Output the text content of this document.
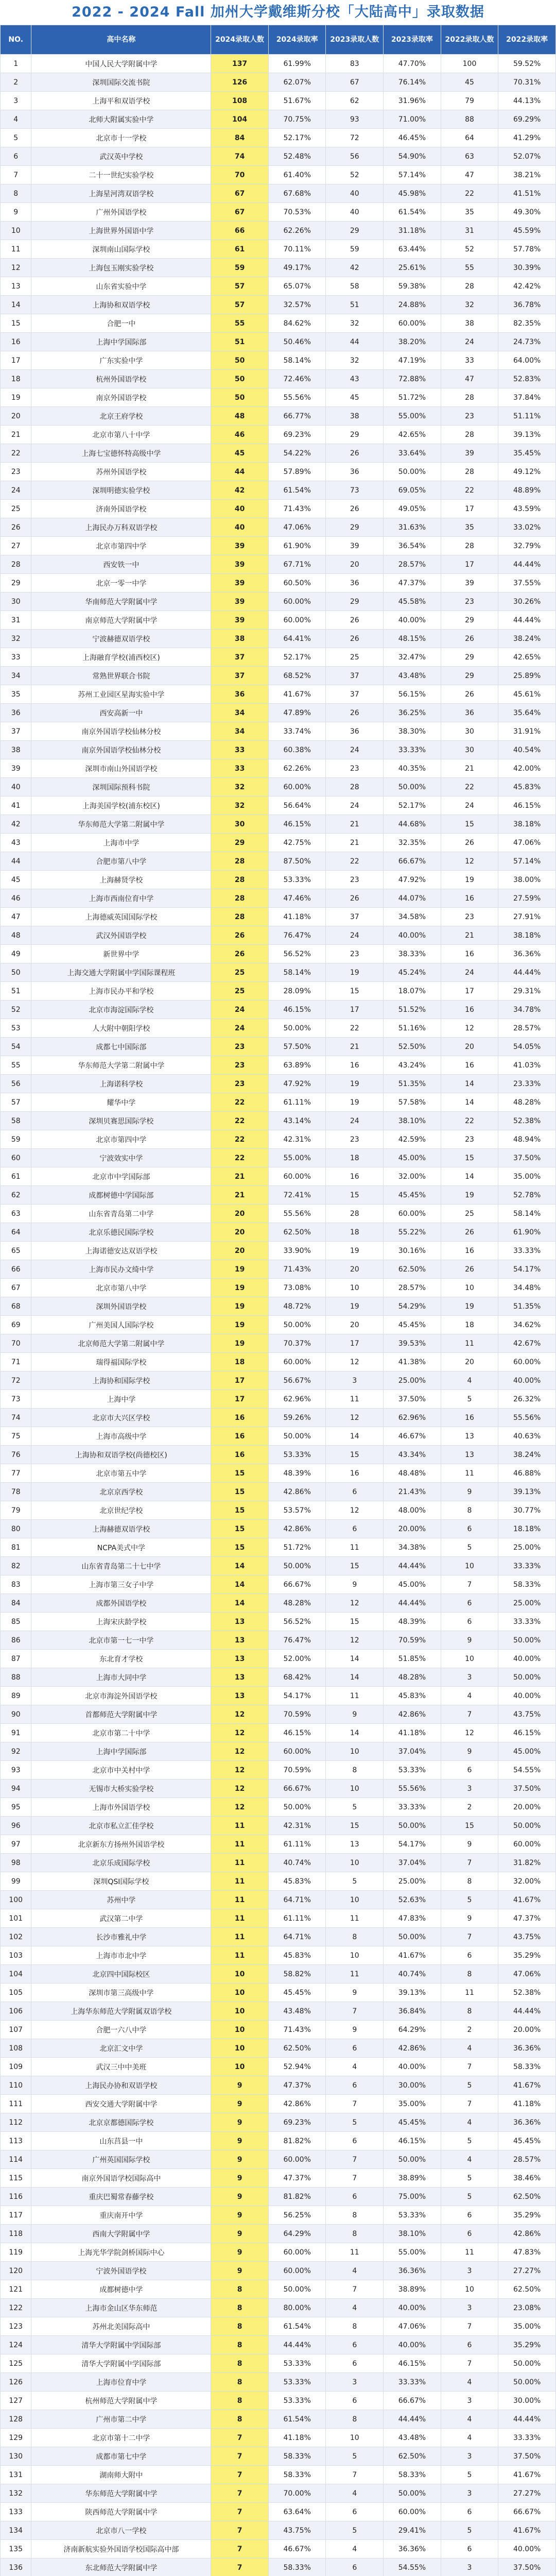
2022 - 2024 Fall 加州大学戴维斯分校「大陆高中」录取数据
NO.	高中名称	2024录取人数	2024录取率	2023录取人数	2023录取率	2022录取人数	2022录取率
1	中国人民大学附属中学	137	61.99%	83	47.70%	100	59.52%
2	深圳国际交流书院	126	62.07%	67	76.14%	45	70.31%
3	上海平和双语学校	108	51.67%	62	31.96%	79	44.13%
4	北师大附属实验中学	104	70.75%	93	71.00%	88	69.29%
5	北京市十一学校	84	52.17%	72	46.45%	64	41.29%
6	武汉英中学校	74	52.48%	56	54.90%	63	52.07%
7	二十一世纪实验学校	70	61.40%	52	57.14%	47	38.21%
8	上海星河湾双语学校	67	67.68%	40	45.98%	22	41.51%
9	广州外国语学校	67	70.53%	40	61.54%	35	49.30%
10	上海世界外国语中学	66	62.26%	29	31.18%	31	45.59%
11	深圳南山国际学校	61	70.11%	59	63.44%	52	57.78%
12	上海包玉刚实验学校	59	49.17%	42	25.61%	55	30.39%
13	山东省实验中学	57	65.07%	58	59.38%	28	42.42%
14	上海协和双语学校	57	32.57%	51	24.88%	32	36.78%
15	合肥一中	55	84.62%	32	60.00%	38	82.35%
16	上海中学国际部	51	50.46%	44	38.20%	24	24.73%
17	广东实验中学	50	58.14%	32	47.19%	33	64.00%
18	杭州外国语学校	50	72.46%	43	72.88%	47	52.83%
19	南京外国语学校	50	55.56%	45	51.72%	28	37.84%
20	北京王府学校	48	66.77%	38	55.00%	23	51.11%
21	北京市第八十中学	46	69.23%	29	42.65%	28	39.13%
22	上海七宝德怀特高级中学	45	54.22%	26	33.64%	39	35.45%
23	苏州外国语学校	44	57.89%	36	50.00%	28	49.12%
24	深圳明德实验学校	42	61.54%	73	69.05%	22	48.89%
25	济南外国语学校	40	71.43%	26	49.05%	17	43.59%
26	上海民办万科双语学校	40	47.06%	29	31.63%	35	33.02%
27	北京市第四中学	39	61.90%	39	36.54%	28	32.79%
28	西安铁一中	39	67.71%	20	28.57%	17	44.44%
29	北京一零一中学	39	60.50%	36	47.37%	39	37.55%
30	华南师范大学附属中学	39	60.00%	29	45.58%	23	30.26%
31	南京师范大学附属中学	39	60.00%	26	40.00%	29	44.44%
32	宁波赫德双语学校	38	64.41%	26	48.15%	26	38.24%
33	上海融育学校(浦西校区)	37	52.17%	25	32.47%	29	42.65%
34	常熟世界联合书院	37	68.52%	37	43.48%	29	25.89%
35	苏州工业园区星海实验中学	36	41.67%	37	56.15%	26	45.61%
36	西安高新一中	34	47.89%	26	36.25%	36	35.64%
37	南京外国语学校仙林分校	34	33.74%	36	38.30%	30	31.91%
38	南京外国语学校仙林分校	33	60.38%	24	33.33%	30	40.54%
39	深圳市南山外国语学校	33	62.26%	23	40.35%	21	42.00%
40	深圳国际预科书院	32	60.00%	28	50.00%	22	45.83%
41	上海美国学校(浦东校区)	32	56.64%	24	52.17%	24	46.15%
42	华东师范大学第二附属中学	30	46.15%	21	44.68%	15	38.18%
43	上海市中学	29	42.75%	21	32.35%	26	47.06%
44	合肥市第八中学	28	87.50%	22	66.67%	12	57.14%
45	上海赫贤学校	28	53.33%	23	47.92%	19	38.00%
46	上海市西南位育中学	28	47.46%	26	44.07%	16	27.59%
47	上海德威英国国际学校	28	41.18%	37	34.58%	23	27.91%
48	武汉外国语学校	26	76.47%	24	40.00%	21	38.18%
49	新世界中学	26	56.52%	23	38.33%	16	36.36%
50	上海交通大学附属中学国际课程班	25	58.14%	19	45.24%	24	44.44%
51	上海市民办平和学校	25	28.09%	15	18.07%	17	29.31%
52	北京市海淀国际学校	24	46.15%	17	51.52%	16	34.78%
53	人大附中朝阳学校	24	50.00%	22	51.16%	12	28.57%
54	成都七中国际部	23	57.50%	21	52.50%	20	54.05%
55	华东师范大学第二附属中学	23	63.89%	16	43.24%	16	41.03%
56	上海诺科学校	23	47.92%	19	51.35%	14	23.33%
57	耀华中学	22	61.11%	19	57.58%	14	48.28%
58	深圳贝赛思国际学校	22	43.14%	24	38.10%	22	52.38%
59	北京市第四中学	22	42.31%	23	42.59%	23	48.94%
60	宁波效实中学	22	55.00%	18	45.00%	15	37.50%
61	北京市中学国际部	21	60.00%	16	32.00%	14	35.00%
62	成都树德中学国际部	21	72.41%	15	45.45%	19	52.78%
63	山东省青岛第二中学	20	55.56%	28	60.00%	25	58.14%
64	北京乐德民国际学校	20	62.50%	18	55.22%	26	61.90%
65	上海诺德安达双语学校	20	33.90%	19	30.16%	16	33.33%
66	上海市民办文绮中学	19	71.43%	20	62.50%	26	54.17%
67	北京市第八中学	19	73.08%	10	28.57%	10	34.48%
68	深圳外国语学校	19	48.72%	19	54.29%	19	51.35%
69	广州美国人国际学校	19	50.00%	20	45.45%	18	34.62%
70	北京师范大学第二附属中学	19	70.37%	17	39.53%	11	42.67%
71	瑞得福国际学校	18	60.00%	12	41.38%	20	60.00%
72	上海协和国际学校	17	56.67%	3	25.00%	4	40.00%
73	上海中学	17	62.96%	11	37.50%	5	26.32%
74	北京市大兴区学校	16	59.26%	12	62.96%	16	55.56%
75	上海市高级中学	16	50.00%	14	46.67%	13	40.63%
76	上海协和双语学校(尚德校区)	16	53.33%	15	43.34%	13	38.24%
77	北京市第五中学	15	48.39%	16	48.48%	11	46.88%
78	北京京西学校	15	42.86%	6	21.43%	9	39.13%
79	北京世纪学校	15	53.57%	12	48.00%	8	30.77%
80	上海赫德双语学校	15	42.86%	6	20.00%	6	18.18%
81	NCPA美式中学	15	51.72%	11	34.38%	5	25.00%
82	山东省青岛第二十七中学	14	50.00%	15	44.44%	10	33.33%
83	上海市第三女子中学	14	66.67%	9	45.00%	7	58.33%
84	成都外国语学校	14	48.28%	12	44.44%	6	25.00%
85	上海宋庆龄学校	13	56.52%	15	48.39%	6	33.33%
86	北京市第一七一中学	13	76.47%	12	70.59%	9	50.00%
87	东北育才学校	13	52.00%	14	51.85%	10	40.00%
88	上海市大同中学	13	68.42%	14	48.28%	3	50.00%
89	北京市海淀外国语学校	13	54.17%	11	45.83%	4	40.00%
90	首都师范大学附属中学	12	70.59%	9	42.86%	7	43.75%
91	北京市第二十中学	12	46.15%	14	41.18%	12	46.15%
92	上海中学国际部	12	60.00%	10	37.04%	9	45.00%
93	北京市中关村中学	12	70.59%	8	53.33%	6	54.55%
94	无锡市大桥实验学校	12	66.67%	10	55.56%	3	37.50%
95	上海市外国语学校	12	50.00%	5	33.33%	2	20.00%
96	北京市私立汇佳学校	11	42.31%	15	50.00%	15	50.00%
97	北京新东方扬州外国语学校	11	61.11%	13	54.17%	9	60.00%
98	北京乐成国际学校	11	40.74%	10	37.04%	7	31.82%
99	深圳QSI国际学校	11	45.83%	5	25.00%	8	32.00%
100	苏州中学	11	64.71%	10	52.63%	5	41.67%
101	武汉第二中学	11	61.11%	11	47.83%	9	47.37%
102	长沙市雅礼中学	11	64.71%	8	50.00%	7	43.75%
103	上海市市北中学	11	45.83%	10	41.67%	6	35.29%
104	北京四中国际校区	10	58.82%	11	40.74%	8	47.06%
105	深圳市第三高级中学	10	45.45%	9	39.13%	11	52.38%
106	上海华东师范大学附属双语学校	10	43.48%	7	36.84%	8	44.44%
107	合肥一六八中学	10	71.43%	9	64.29%	2	20.00%
108	北京汇文中学	10	62.50%	6	42.86%	4	36.36%
109	武汉三中中美班	10	52.94%	4	40.00%	7	58.33%
110	上海民办协和双语学校	9	47.37%	6	30.00%	5	41.67%
111	西安交通大学附属中学	9	42.86%	7	35.00%	7	41.18%
112	北京京都德国际学校	9	69.23%	5	45.45%	4	36.36%
113	山东莒县一中	9	81.82%	6	46.15%	5	45.45%
114	广州英国国际学校	9	60.00%	7	50.00%	4	28.57%
115	南京外国语学校国际高中	9	47.37%	7	38.89%	5	38.46%
116	重庆巴蜀常春藤学校	9	81.82%	6	75.00%	5	62.50%
117	重庆南开中学	9	56.25%	8	53.33%	6	35.29%
118	西南大学附属中学	9	64.29%	8	38.10%	6	42.86%
119	上海光华学院剑桥国际中心	9	60.00%	11	55.00%	11	47.83%
120	宁波外国语学校	9	60.00%	4	36.36%	3	27.27%
121	成都树德中学	8	50.00%	7	38.89%	10	62.50%
122	上海市金山区华东师范	8	80.00%	4	40.00%	3	23.08%
123	苏州北美国际高中	8	61.54%	8	47.06%	7	35.00%
124	清华大学附属中学国际部	8	44.44%	6	40.00%	6	35.29%
125	清华大学附属中学国际部	8	53.33%	6	46.15%	7	50.00%
126	上海市位育中学	8	53.33%	3	33.33%	4	50.00%
127	杭州师范大学附属中学	8	53.33%	6	66.67%	3	30.00%
128	广州市第二中学	8	61.54%	8	44.44%	4	44.44%
129	北京市第十二中学	7	41.18%	10	43.48%	4	33.33%
130	成都市第七中学	7	58.33%	5	62.50%	3	37.50%
131	湖南师大附中	7	58.33%	7	58.33%	5	41.67%
132	华东师范大学附属中学	7	70.00%	4	50.00%	3	27.27%
133	陕西师范大学附属中学	7	63.64%	6	60.00%	6	66.67%
134	北京市八一学校	7	43.75%	5	29.41%	5	41.67%
135	济南新航实验外国语学校国际高中部	7	46.67%	4	36.36%	6	40.00%
136	东北师范大学附属中学	7	58.33%	6	54.55%	3	37.50%
